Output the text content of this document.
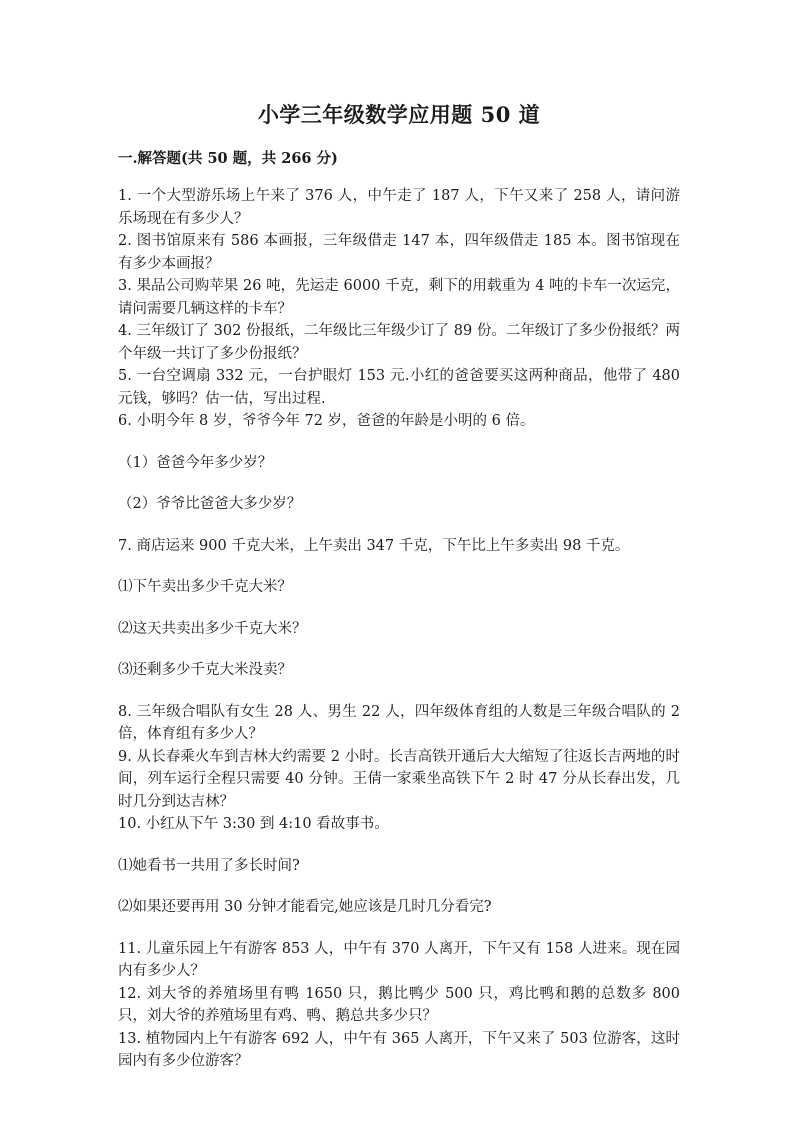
小学三年级数学应用题 50 道
一.解答题(共 50 题，共 266 分)

1. 一个大型游乐场上午来了 376 人，中午走了 187 人，下午又来了 258 人，请问游乐场现在有多少人？

2. 图书馆原来有 586 本画报，三年级借走 147 本，四年级借走 185 本。图书馆现在有多少本画报？

3. 果品公司购苹果 26 吨，先运走 6000 千克，剩下的用载重为 4 吨的卡车一次运完，请问需要几辆这样的卡车？

4. 三年级订了 302 份报纸，二年级比三年级少订了 89 份。二年级订了多少份报纸？两个年级一共订了多少份报纸？

5. 一台空调扇 332 元，一台护眼灯 153 元.小红的爸爸要买这两种商品，他带了 480 元钱，够吗？估一估，写出过程.

6. 小明今年 8 岁，爷爷今年 72 岁，爸爸的年龄是小明的 6 倍。

（1）爸爸今年多少岁？

（2）爷爷比爸爸大多少岁？

7. 商店运来 900 千克大米，上午卖出 347 千克，下午比上午多卖出 98 千克。

⑴下午卖出多少千克大米？

⑵这天共卖出多少千克大米？

⑶还剩多少千克大米没卖？

8. 三年级合唱队有女生 28 人、男生 22 人，四年级体育组的人数是三年级合唱队的 2 倍，体育组有多少人？

9. 从长春乘火车到吉林大约需要 2 小时。长吉高铁开通后大大缩短了往返长吉两地的时间，列车运行全程只需要 40 分钟。王倩一家乘坐高铁下午 2 时 47 分从长春出发，几时几分到达吉林？

10. 小红从下午 3:30 到 4:10 看故事书。

⑴她看书一共用了多长时间?

⑵如果还要再用 30 分钟才能看完,她应该是几时几分看完?

11. 儿童乐园上午有游客 853 人，中午有 370 人离开，下午又有 158 人进来。现在园内有多少人？

12. 刘大爷的养殖场里有鸭 1650 只，鹅比鸭少 500 只，鸡比鸭和鹅的总数多 800 只，刘大爷的养殖场里有鸡、鸭、鹅总共多少只？

13. 植物园内上午有游客 692 人，中午有 365 人离开，下午又来了 503 位游客，这时园内有多少位游客？
